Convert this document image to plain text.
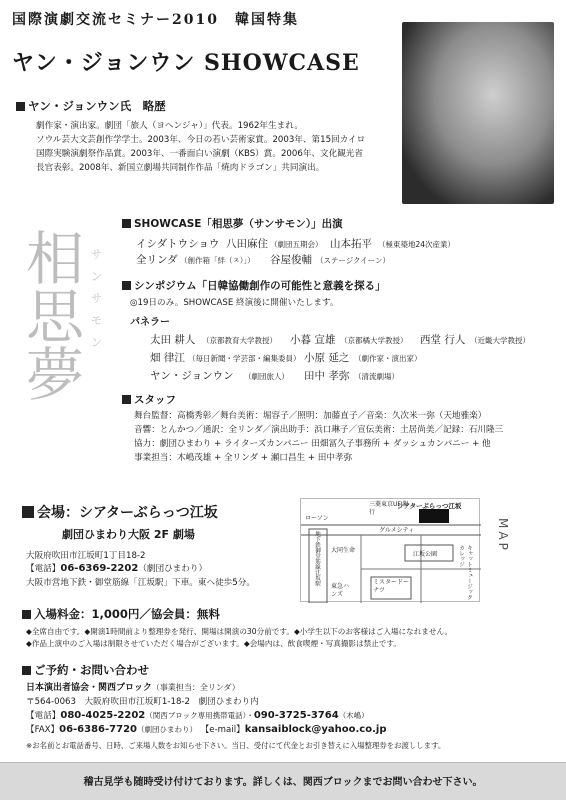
国際演劇交流セミナー2010　韓国特集
ヤン・ジョンウン SHOWCASE
ヤン・ジョンウン氏　略歴
劇作家・演出家。劇団「旅人（ヨヘンジャ）」代表。1962年生まれ。
ソウル芸大文芸創作学学士。2003年、今日の若い芸術家賞。2003年、第15回カイロ
国際実験演劇祭作品賞。2003年、一番面白い演劇（KBS）賞。2006年、文化観光省
長官表彰。2008年、新国立劇場共同制作作品「焼肉ドラゴン」共同演出。
相思夢 サンサモン
SHOWCASE「相思夢（サンサモン）」出演
イシダトウショウ 八田麻住 （劇団五期会） 山本拓平 （極東築地24次産業）
全リンダ （創作箱「絆（ㅈ）」） 谷屋俊輔 （ステージクイーン）
シンポジウム「日韓協働創作の可能性と意義を探る」
◎19日のみ。SHOWCASE 終演後に開催いたします。
パネラー
太田 耕人 （京都教育大学教授） 小暮 宣雄 （京都橘大学教授） 西堂 行人 （近畿大学教授）
畑 律江 （毎日新聞・学芸部・編集委員） 小原 延之 （劇作家・演出家）
ヤン・ジョンウン （劇団旅人） 田中 孝弥 （清流劇場）
スタッフ
舞台監督：高橋秀彰／舞台美術：堀容子／照明：加藤直子／音楽：久次米一弥（天地雅楽）
音響：とんかつ／通訳：全リンダ／演出助手：浜口琳子／宣伝美術：土居尚美／記録：石川隆三
協力：劇団ひまわり + ライターズカンパニー 田畑冨久子事務所 + ダッシュカンパニー + 他
事業担当：木嶋茂雄 + 全リンダ + 瀬口昌生 + 田中孝弥
会場：シアターぶらっつ江坂
劇団ひまわり大阪 2F 劇場
大阪府吹田市江坂町1丁目18-2
【電話】06-6369-2202（劇団ひまわり）
大阪市営地下鉄・御堂筋線「江坂駅」下車。東へ徒歩5分。
ローソン
三菱東京UFJ銀行
グルメシティ
シアターぶらっつ江坂
大同生命
江坂公園
東急ハンズ
ミスタードーナツ	キャットミュージックカレッジ
地下鉄御堂筋線江坂駅	MAP
入場料金：1,000円／協会員：無料
◆全席自由です。◆開演1時間前より整理券を発行、開場は開演の30分前です。◆小学生以下のお客様はご入場になれません。
◆作品上演中のご入場は制限させていただく場合がございます。◆会場内は、飲食喫煙・写真撮影は禁止です。
ご予約・お問い合わせ
日本演出者協会・関西ブロック（事業担当：全リンダ）
〒564-0063　大阪府吹田市江坂町1-18-2　劇団ひまわり内
【電話】080-4025-2202（関西ブロック専用携帯電話）・090-3725-3764（木嶋）
【FAX】06-6386-7720（劇団ひまわり） 【e-mail】kansaiblock@yahoo.co.jp
※お名前とお電話番号、日時、ご来場人数をお知らせ下さい。当日、受付にて代金とお引き替えに入場整理券をお渡しします。
稽古見学も随時受け付けております。詳しくは、関西ブロックまでお問い合わせ下さい。
